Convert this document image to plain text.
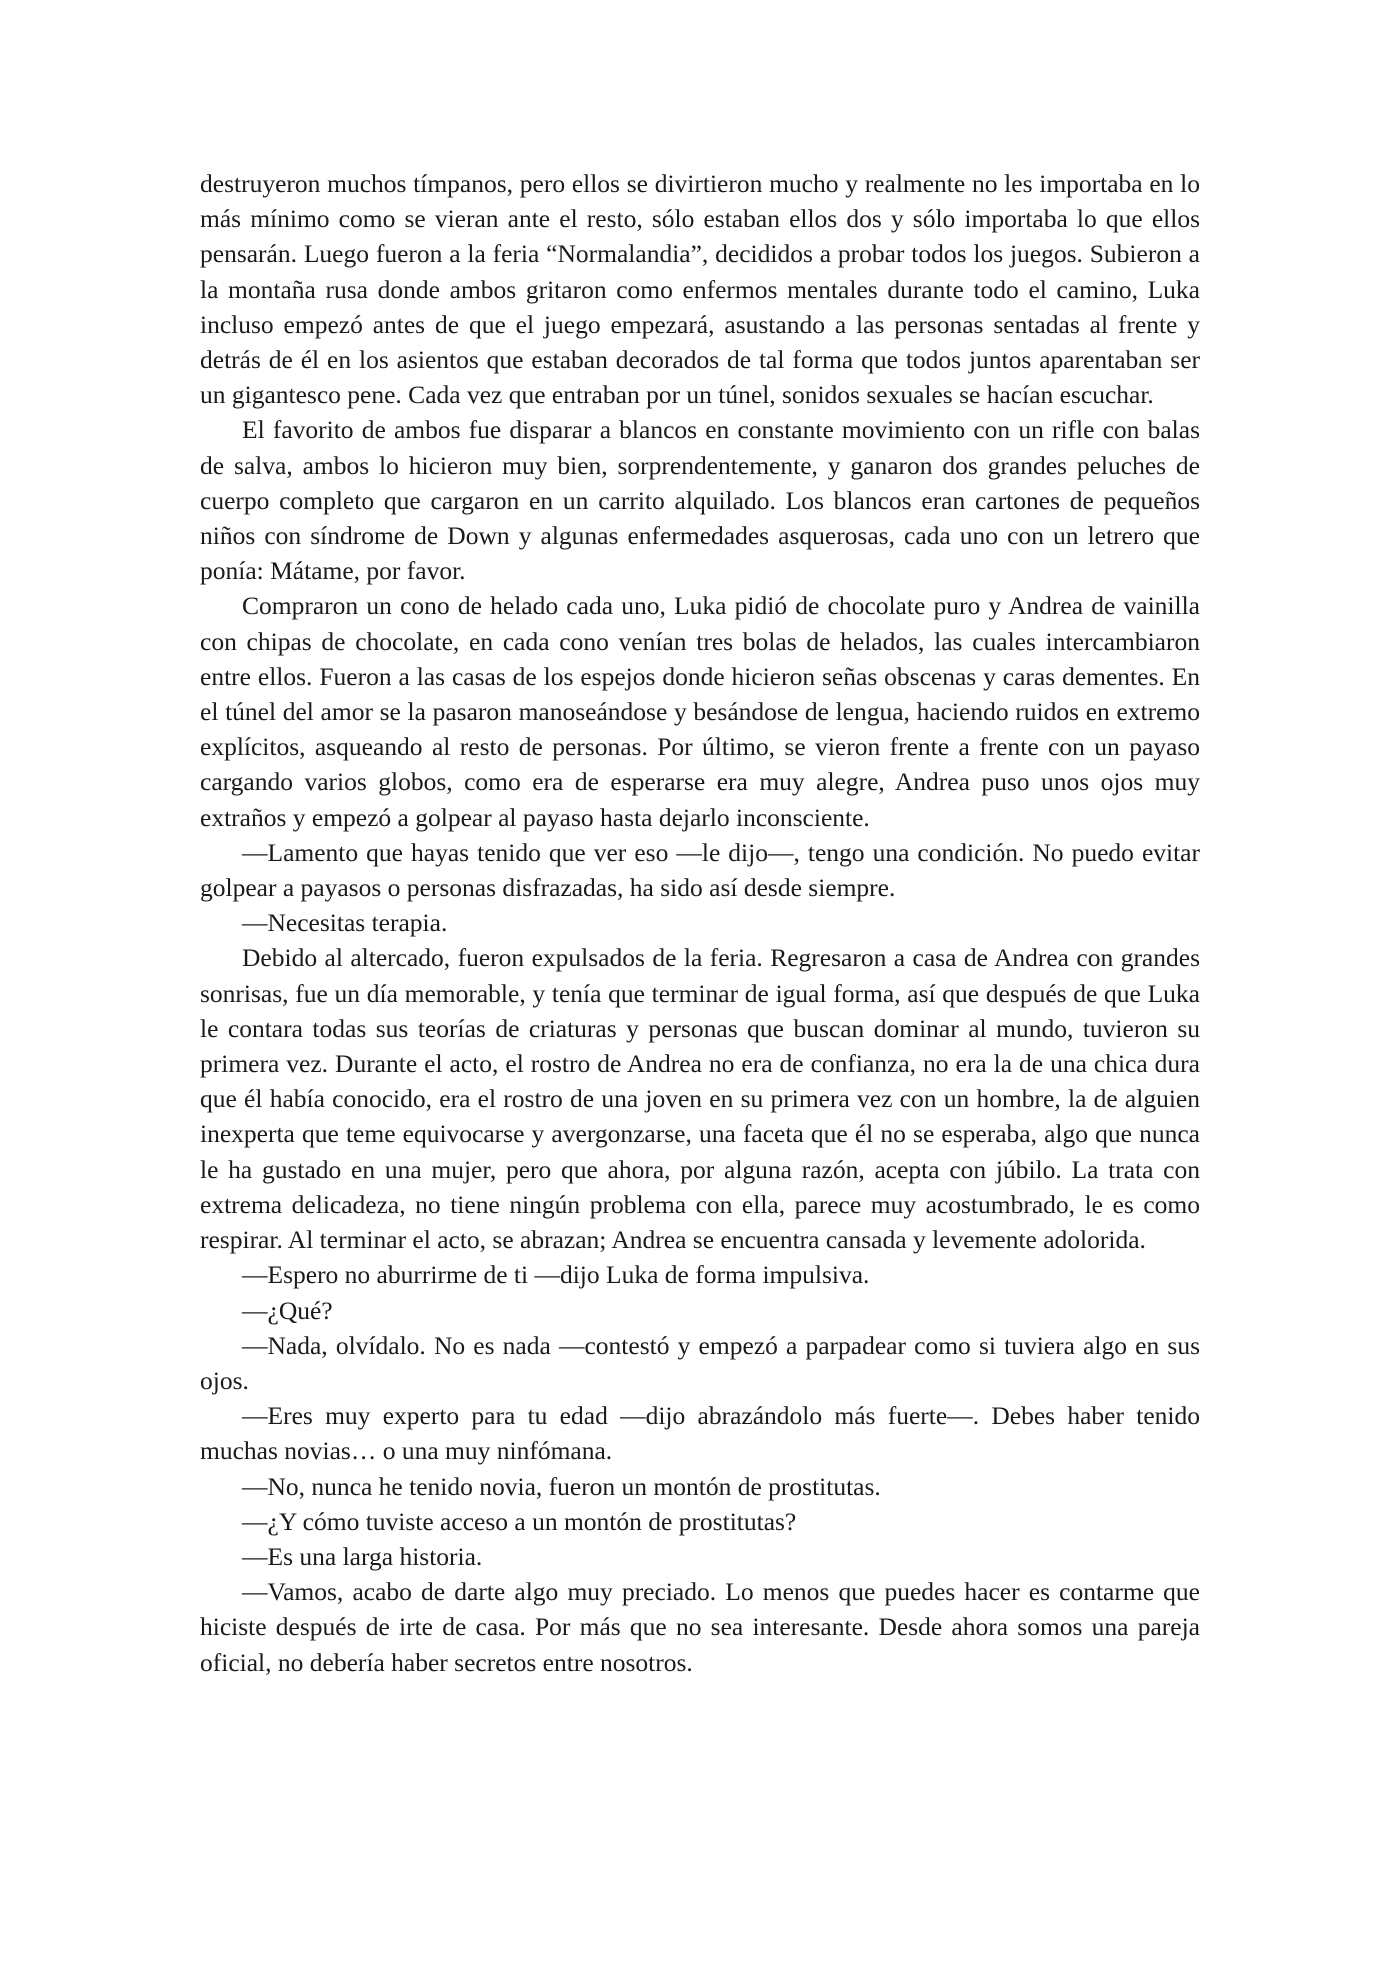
destruyeron muchos tímpanos, pero ellos se divirtieron mucho y realmente no les importaba en lo más mínimo como se vieran ante el resto, sólo estaban ellos dos y sólo importaba lo que ellos pensarán. Luego fueron a la feria “Normalandia”, decididos a probar todos los juegos. Subieron a la montaña rusa donde ambos gritaron como enfermos mentales durante todo el camino, Luka incluso empezó antes de que el juego empezará, asustando a las personas sentadas al frente y detrás de él en los asientos que estaban decorados de tal forma que todos juntos aparentaban ser un gigantesco pene. Cada vez que entraban por un túnel, sonidos sexuales se hacían escuchar.

El favorito de ambos fue disparar a blancos en constante movimiento con un rifle con balas de salva, ambos lo hicieron muy bien, sorprendentemente, y ganaron dos grandes peluches de cuerpo completo que cargaron en un carrito alquilado. Los blancos eran cartones de pequeños niños con síndrome de Down y algunas enfermedades asquerosas, cada uno con un letrero que ponía: Mátame, por favor.

Compraron un cono de helado cada uno, Luka pidió de chocolate puro y Andrea de vainilla con chipas de chocolate, en cada cono venían tres bolas de helados, las cuales intercambiaron entre ellos. Fueron a las casas de los espejos donde hicieron señas obscenas y caras dementes. En el túnel del amor se la pasaron manoseándose y besándose de lengua, haciendo ruidos en extremo explícitos, asqueando al resto de personas. Por último, se vieron frente a frente con un payaso cargando varios globos, como era de esperarse era muy alegre, Andrea puso unos ojos muy extraños y empezó a golpear al payaso hasta dejarlo inconsciente.

—Lamento que hayas tenido que ver eso —le dijo—, tengo una condición. No puedo evitar golpear a payasos o personas disfrazadas, ha sido así desde siempre.

—Necesitas terapia.

Debido al altercado, fueron expulsados de la feria. Regresaron a casa de Andrea con grandes sonrisas, fue un día memorable, y tenía que terminar de igual forma, así que después de que Luka le contara todas sus teorías de criaturas y personas que buscan dominar al mundo, tuvieron su primera vez. Durante el acto, el rostro de Andrea no era de confianza, no era la de una chica dura que él había conocido, era el rostro de una joven en su primera vez con un hombre, la de alguien inexperta que teme equivocarse y avergonzarse, una faceta que él no se esperaba, algo que nunca le ha gustado en una mujer, pero que ahora, por alguna razón, acepta con júbilo. La trata con extrema delicadeza, no tiene ningún problema con ella, parece muy acostumbrado, le es como respirar. Al terminar el acto, se abrazan; Andrea se encuentra cansada y levemente adolorida.

—Espero no aburrirme de ti —dijo Luka de forma impulsiva.

—¿Qué?

—Nada, olvídalo. No es nada —contestó y empezó a parpadear como si tuviera algo en sus ojos.

—Eres muy experto para tu edad —dijo abrazándolo más fuerte—. Debes haber tenido muchas novias… o una muy ninfómana.

—No, nunca he tenido novia, fueron un montón de prostitutas.

—¿Y cómo tuviste acceso a un montón de prostitutas?

—Es una larga historia.

—Vamos, acabo de darte algo muy preciado. Lo menos que puedes hacer es contarme que hiciste después de irte de casa. Por más que no sea interesante. Desde ahora somos una pareja oficial, no debería haber secretos entre nosotros.
